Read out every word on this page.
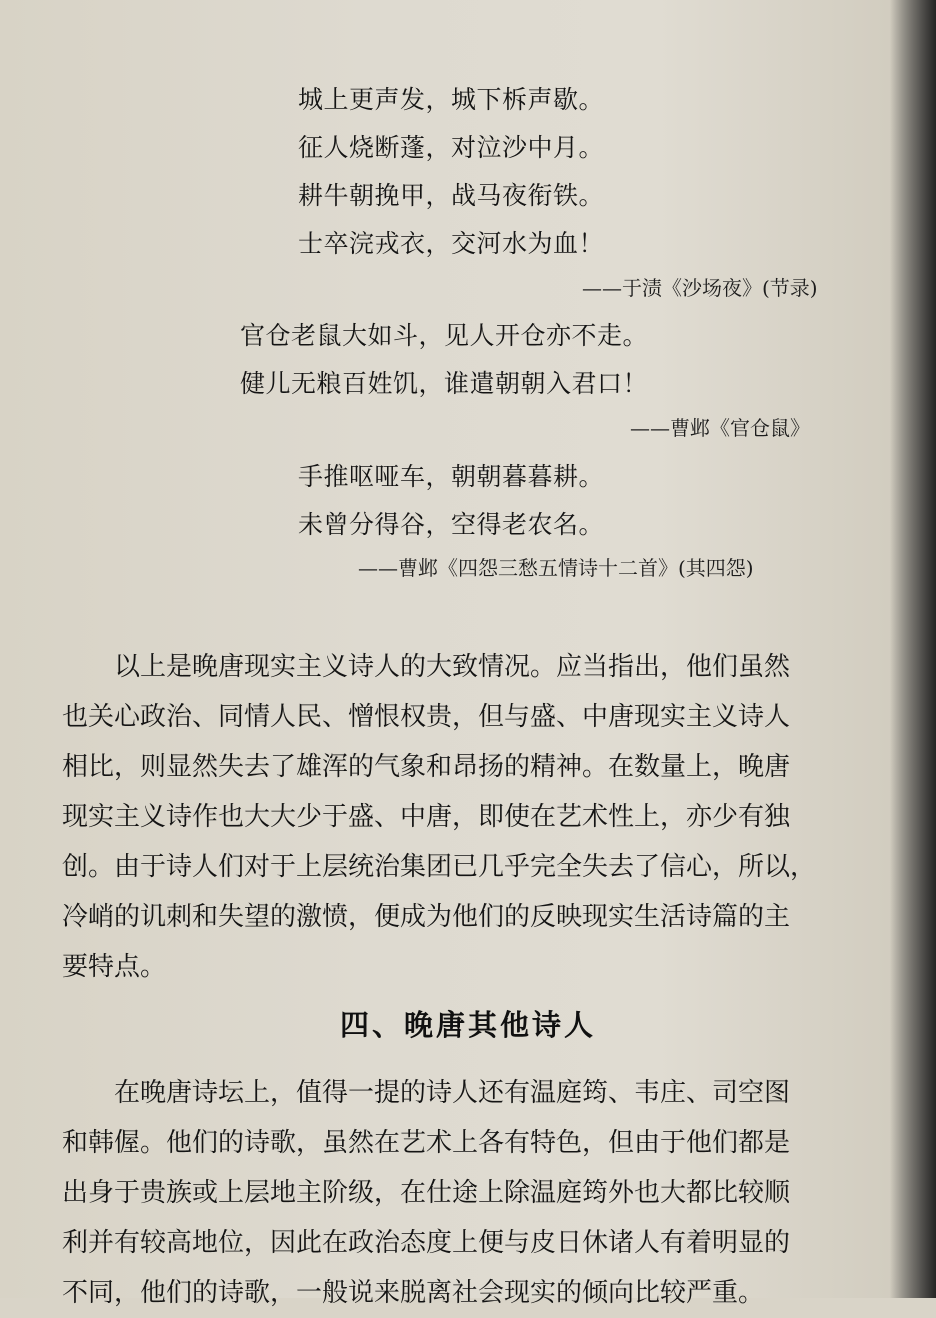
城上更声发，城下柝声歇。
征人烧断蓬，对泣沙中月。
耕牛朝挽甲，战马夜衔铁。
士卒浣戎衣，交河水为血！
——于渍《沙场夜》(节录)
官仓老鼠大如斗，见人开仓亦不走。
健儿无粮百姓饥，谁遣朝朝入君口！
——曹邺《官仓鼠》
手推呕哑车，朝朝暮暮耕。
未曾分得谷，空得老农名。
——曹邺《四怨三愁五情诗十二首》(其四怨)
　　以上是晚唐现实主义诗人的大致情况。应当指出，他们虽然
也关心政治、同情人民、憎恨权贵，但与盛、中唐现实主义诗人
相比，则显然失去了雄浑的气象和昂扬的精神。在数量上，晚唐
现实主义诗作也大大少于盛、中唐，即使在艺术性上，亦少有独
创。由于诗人们对于上层统治集团已几乎完全失去了信心，所以，
冷峭的讥刺和失望的激愤，便成为他们的反映现实生活诗篇的主
要特点。
四、晚唐其他诗人
　　在晚唐诗坛上，值得一提的诗人还有温庭筠、韦庄、司空图
和韩偓。他们的诗歌，虽然在艺术上各有特色，但由于他们都是
出身于贵族或上层地主阶级，在仕途上除温庭筠外也大都比较顺
利并有较高地位，因此在政治态度上便与皮日休诸人有着明显的
不同，他们的诗歌，一般说来脱离社会现实的倾向比较严重。
